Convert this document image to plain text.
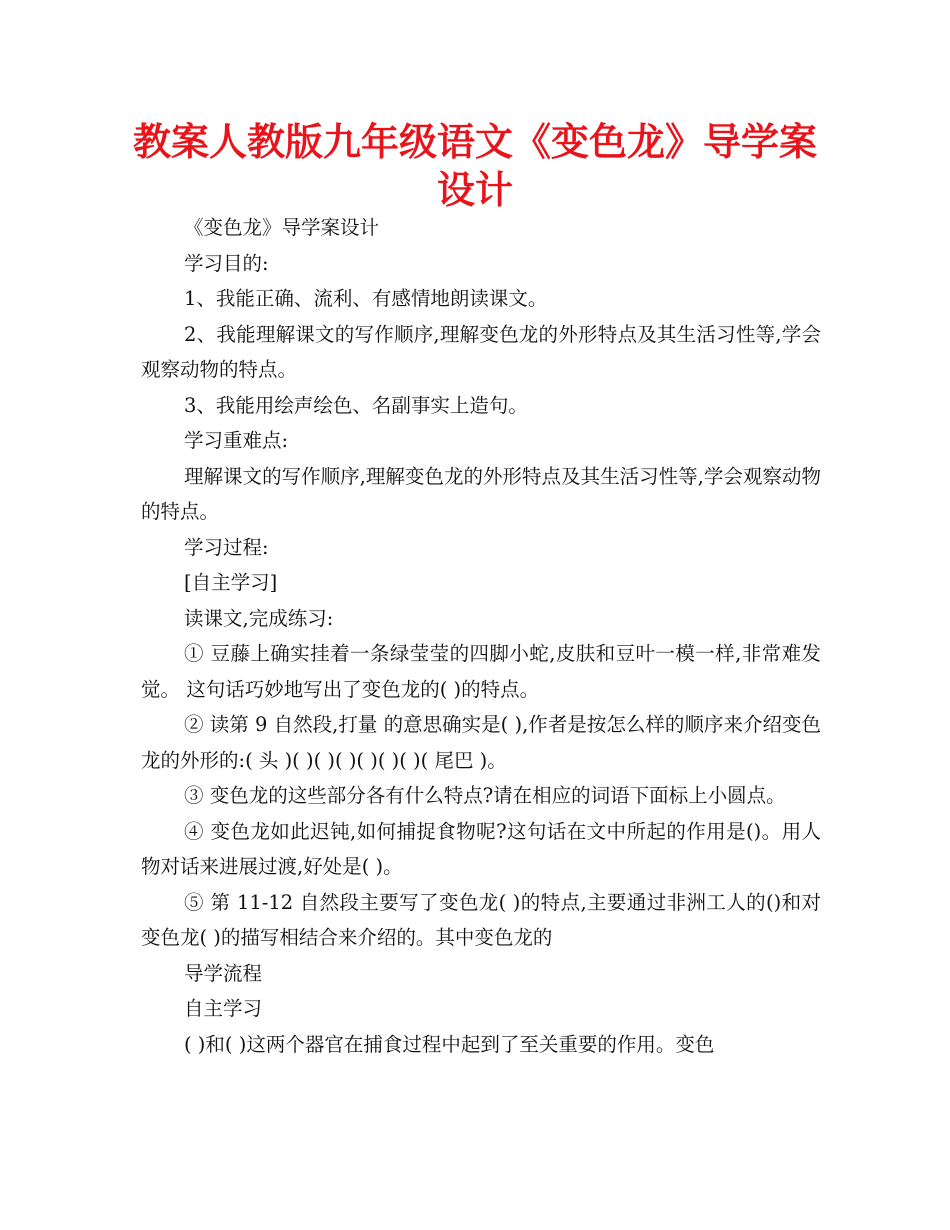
教案人教版九年级语文《变色龙》导学案
设计

《变色龙》导学案设计

学习目的:

1、我能正确、流利、有感情地朗读课文。

2、我能理解课文的写作顺序,理解变色龙的外形特点及其生活习性等,学会观察动物的特点。

3、我能用绘声绘色、名副事实上造句。

学习重难点:

理解课文的写作顺序,理解变色龙的外形特点及其生活习性等,学会观察动物的特点。

学习过程:

[自主学习]

读课文,完成练习:

① 豆藤上确实挂着一条绿莹莹的四脚小蛇,皮肤和豆叶一模一样,非常难发觉。 这句话巧妙地写出了变色龙的( )的特点。

② 读第 9 自然段,打量 的意思确实是( ),作者是按怎么样的顺序来介绍变色龙的外形的:( 头 )( )( )( )( )( )( )( 尾巴 )。

③ 变色龙的这些部分各有什么特点?请在相应的词语下面标上小圆点。

④ 变色龙如此迟钝,如何捕捉食物呢?这句话在文中所起的作用是()。用人物对话来进展过渡,好处是( )。

⑤ 第 11-12 自然段主要写了变色龙( )的特点,主要通过非洲工人的()和对变色龙( )的描写相结合来介绍的。其中变色龙的

导学流程

自主学习

( )和( )这两个器官在捕食过程中起到了至关重要的作用。变色
